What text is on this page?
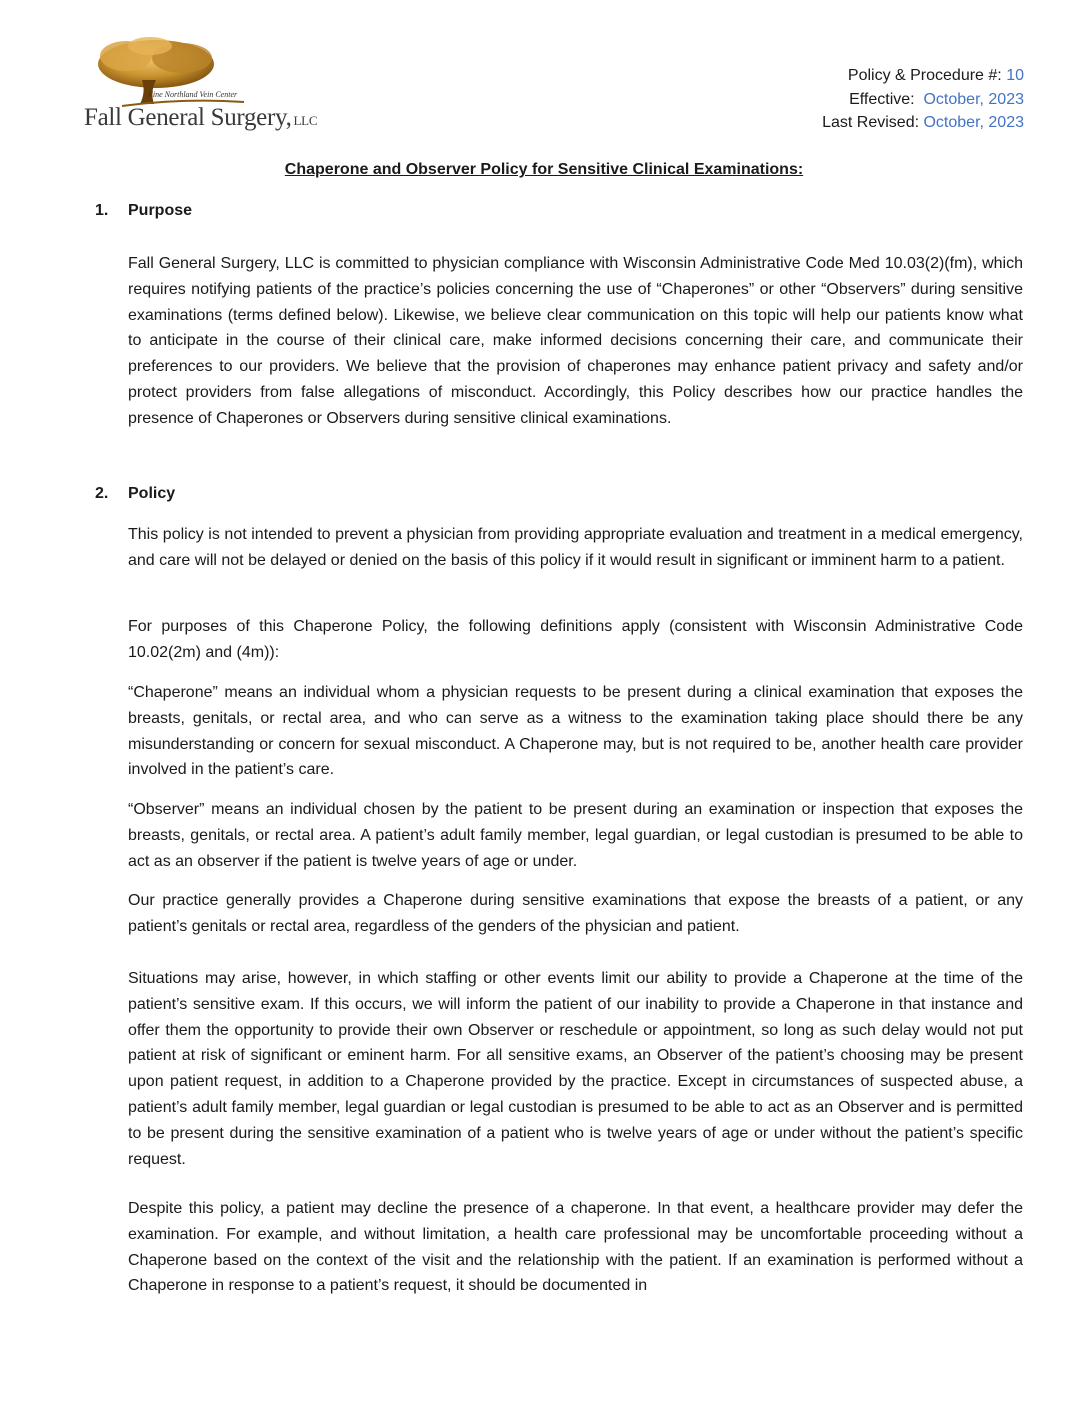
Fine Northland Vein Center
Fall General Surgery, LLC
Policy & Procedure #: 10
Effective: October, 2023
Last Revised: October, 2023
Chaperone and Observer Policy for Sensitive Clinical Examinations:
1. Purpose

Fall General Surgery, LLC is committed to physician compliance with Wisconsin Administrative Code Med 10.03(2)(fm), which requires notifying patients of the practice’s policies concerning the use of “Chaperones” or other “Observers” during sensitive examinations (terms defined below). Likewise, we believe clear communication on this topic will help our patients know what to anticipate in the course of their clinical care, make informed decisions concerning their care, and communicate their preferences to our providers. We believe that the provision of chaperones may enhance patient privacy and safety and/or protect providers from false allegations of misconduct. Accordingly, this Policy describes how our practice handles the presence of Chaperones or Observers during sensitive clinical examinations.

2. Policy

This policy is not intended to prevent a physician from providing appropriate evaluation and treatment in a medical emergency, and care will not be delayed or denied on the basis of this policy if it would result in significant or imminent harm to a patient.

For purposes of this Chaperone Policy, the following definitions apply (consistent with Wisconsin Administrative Code 10.02(2m) and (4m)):

“Chaperone” means an individual whom a physician requests to be present during a clinical examination that exposes the breasts, genitals, or rectal area, and who can serve as a witness to the examination taking place should there be any misunderstanding or concern for sexual misconduct. A Chaperone may, but is not required to be, another health care provider involved in the patient’s care.

“Observer” means an individual chosen by the patient to be present during an examination or inspection that exposes the breasts, genitals, or rectal area. A patient’s adult family member, legal guardian, or legal custodian is presumed to be able to act as an observer if the patient is twelve years of age or under.

Our practice generally provides a Chaperone during sensitive examinations that expose the breasts of a patient, or any patient’s genitals or rectal area, regardless of the genders of the physician and patient.

Situations may arise, however, in which staffing or other events limit our ability to provide a Chaperone at the time of the patient’s sensitive exam. If this occurs, we will inform the patient of our inability to provide a Chaperone in that instance and offer them the opportunity to provide their own Observer or reschedule or appointment, so long as such delay would not put patient at risk of significant or eminent harm. For all sensitive exams, an Observer of the patient’s choosing may be present upon patient request, in addition to a Chaperone provided by the practice. Except in circumstances of suspected abuse, a patient’s adult family member, legal guardian or legal custodian is presumed to be able to act as an Observer and is permitted to be present during the sensitive examination of a patient who is twelve years of age or under without the patient’s specific request.

Despite this policy, a patient may decline the presence of a chaperone. In that event, a healthcare provider may defer the examination. For example, and without limitation, a health care professional may be uncomfortable proceeding without a Chaperone based on the context of the visit and the relationship with the patient. If an examination is performed without a Chaperone in response to a patient’s request, it should be documented in
